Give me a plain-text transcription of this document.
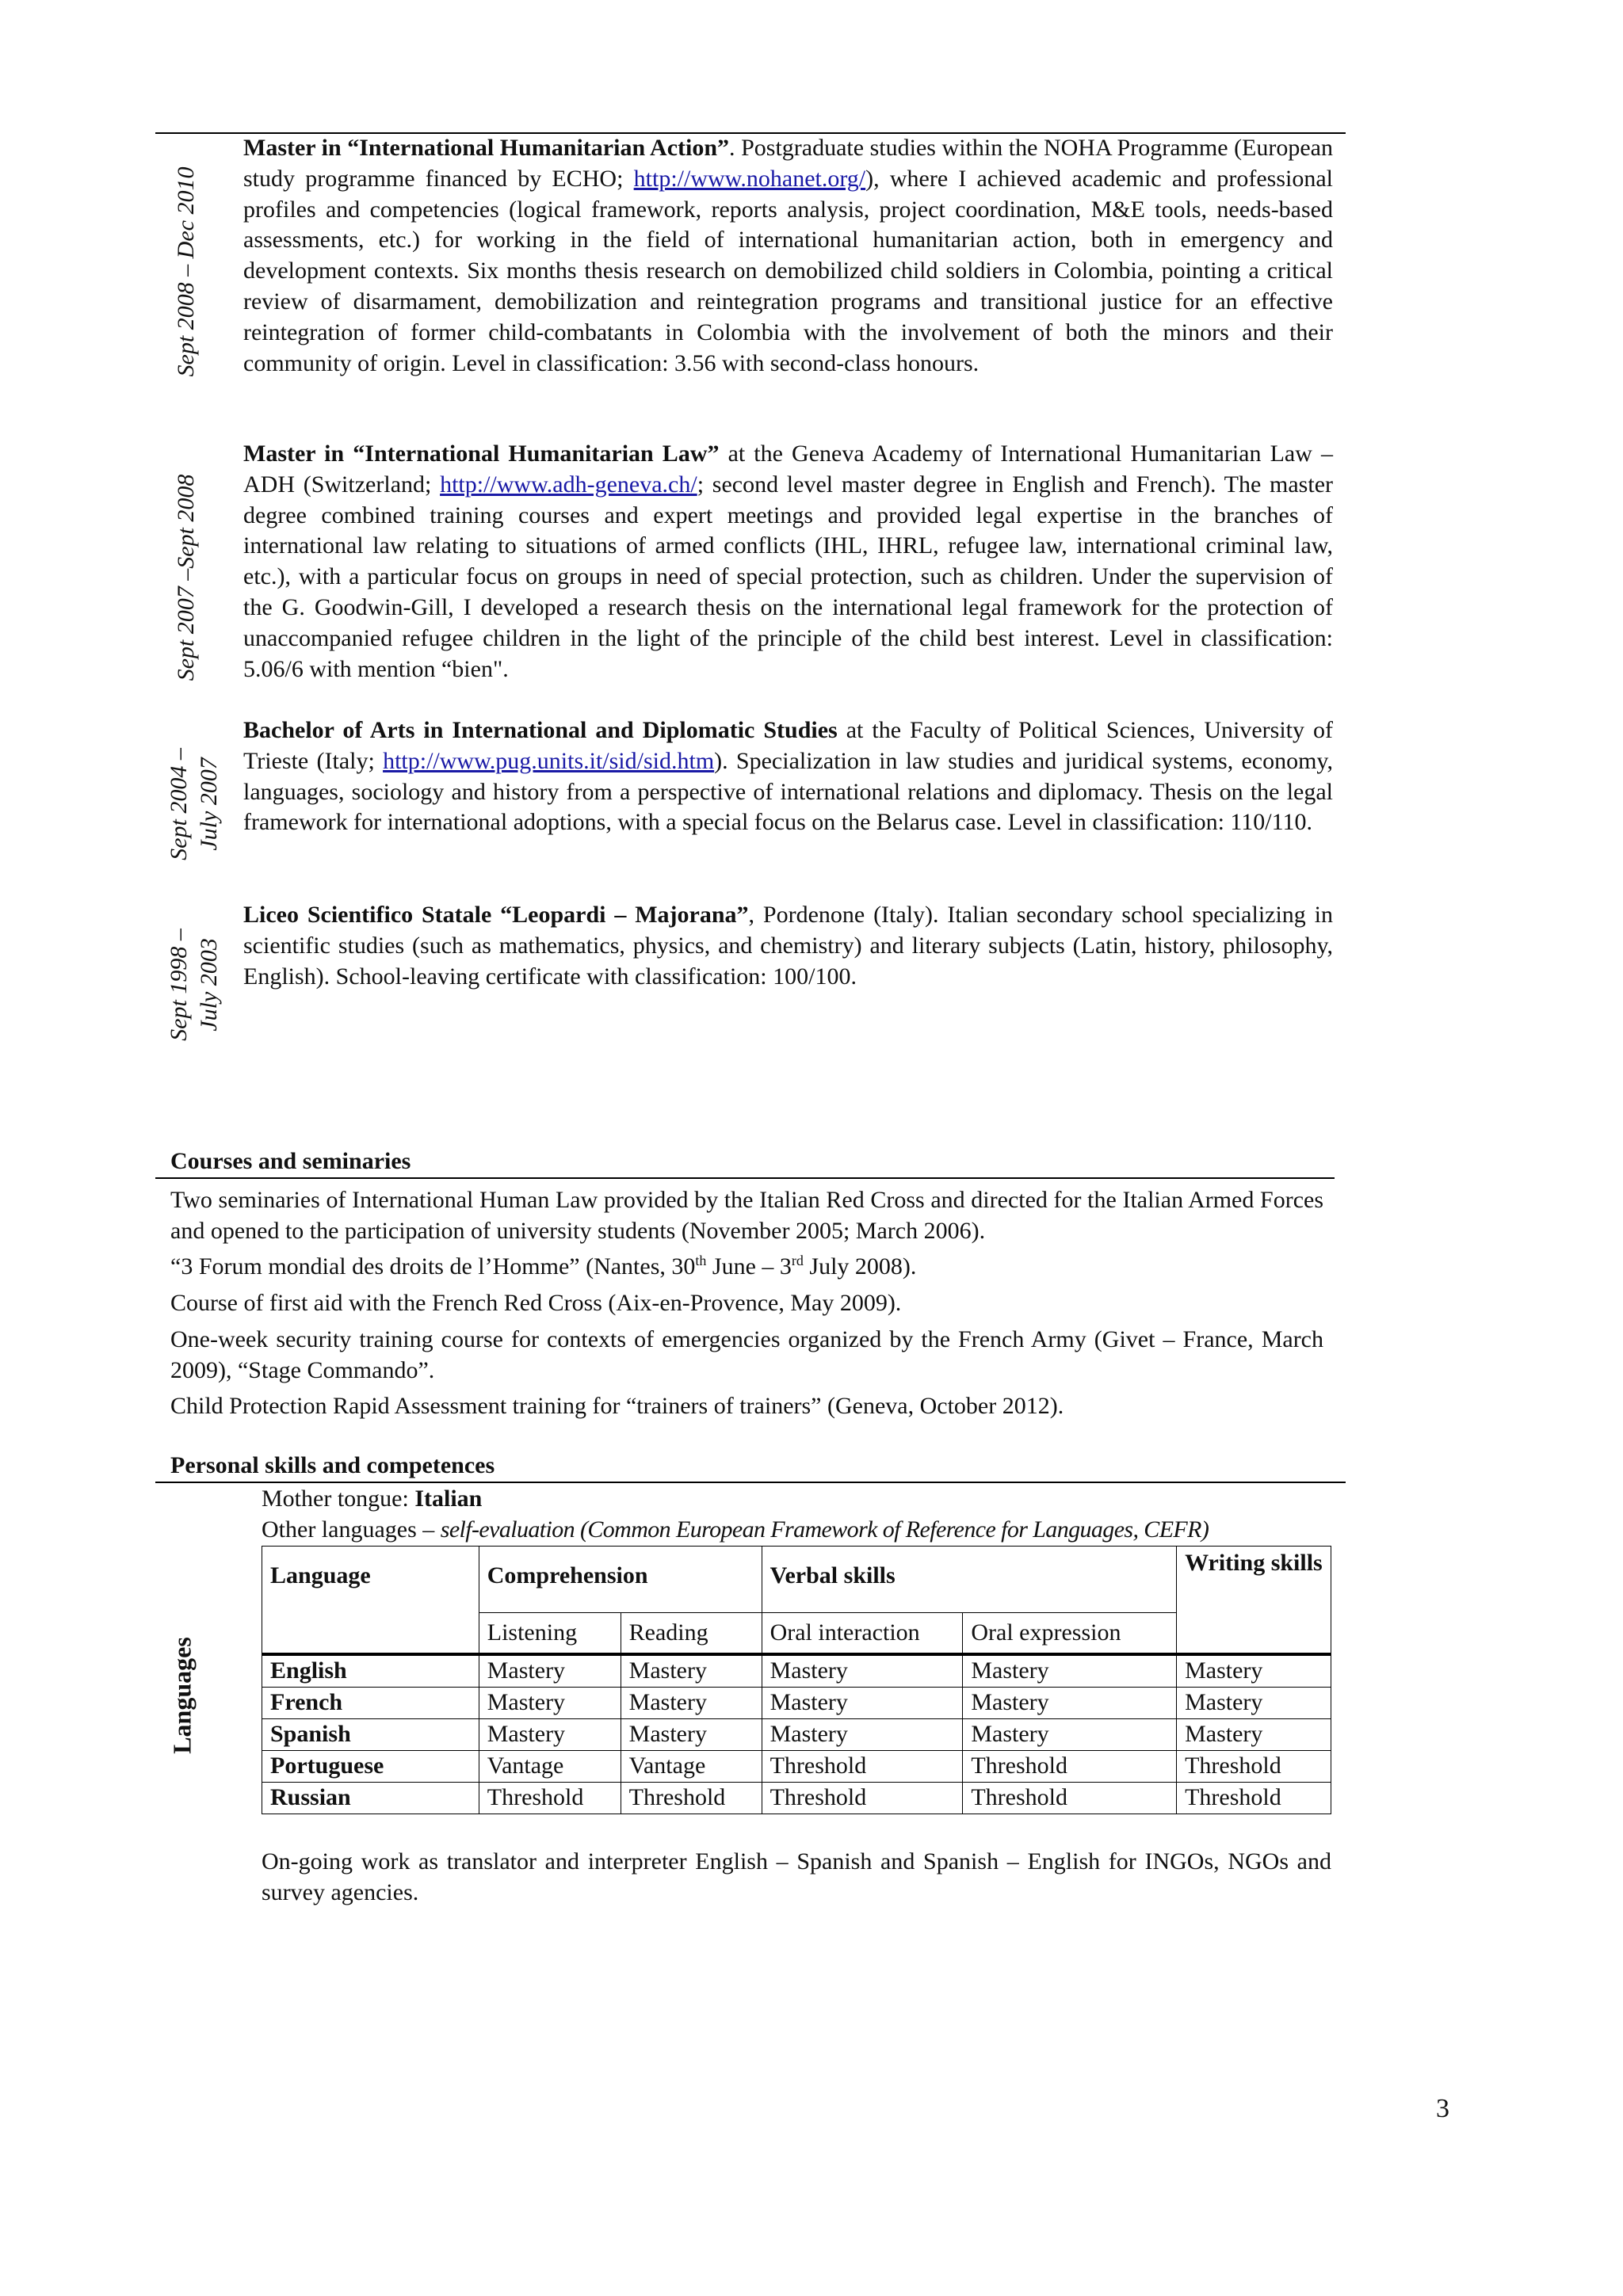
Sept 2008 – Dec 2010
Master in “International Humanitarian Action”. Postgraduate studies within the NOHA Programme (European study programme financed by ECHO; http://www.nohanet.org/), where I achieved academic and professional profiles and competencies (logical framework, reports analysis, project coordination, M&E tools, needs-based assessments, etc.) for working in the field of international humanitarian action, both in emergency and development contexts. Six months thesis research on demobilized child soldiers in Colombia, pointing a critical review of disarmament, demobilization and reintegration programs and transitional justice for an effective reintegration of former child-combatants in Colombia with the involvement of both the minors and their community of origin. Level in classification: 3.56 with second-class honours.
Sept 2007 –Sept 2008
Master in “International Humanitarian Law” at the Geneva Academy of International Humanitarian Law – ADH (Switzerland; http://www.adh-geneva.ch/; second level master degree in English and French). The master degree combined training courses and expert meetings and provided legal expertise in the branches of international law relating to situations of armed conflicts (IHL, IHRL, refugee law, international criminal law, etc.), with a particular focus on groups in need of special protection, such as children. Under the supervision of the G. Goodwin-Gill, I developed a research thesis on the international legal framework for the protection of unaccompanied refugee children in the light of the principle of the child best interest. Level in classification: 5.06/6 with mention “bien".
Sept 2004 – July 2007
Bachelor of Arts in International and Diplomatic Studies at the Faculty of Political Sciences, University of Trieste (Italy; http://www.pug.units.it/sid/sid.htm). Specialization in law studies and juridical systems, economy, languages, sociology and history from a perspective of international relations and diplomacy. Thesis on the legal framework for international adoptions, with a special focus on the Belarus case. Level in classification: 110/110.
Sept 1998 – July 2003
Liceo Scientifico Statale “Leopardi – Majorana”, Pordenone (Italy). Italian secondary school specializing in scientific studies (such as mathematics, physics, and chemistry) and literary subjects (Latin, history, philosophy, English). School-leaving certificate with classification: 100/100.
Courses and seminaries
Two seminaries of International Human Law provided by the Italian Red Cross and directed for the Italian Armed Forces and opened to the participation of university students (November 2005; March 2006).
“3 Forum mondial des droits de l’Homme” (Nantes, 30th June – 3rd July 2008).
Course of first aid with the French Red Cross (Aix-en-Provence, May 2009).
One-week security training course for contexts of emergencies organized by the French Army (Givet – France, March 2009), “Stage Commando”.
Child Protection Rapid Assessment training for “trainers of trainers” (Geneva, October 2012).
Personal skills and competences
Mother tongue: Italian
Other languages – self-evaluation (Common European Framework of Reference for Languages, CEFR)
Languages
Language	Comprehension		Verbal skills		Writing skills
	Listening	Reading	Oral interaction	Oral expression	
English	Mastery	Mastery	Mastery	Mastery	Mastery
French	Mastery	Mastery	Mastery	Mastery	Mastery
Spanish	Mastery	Mastery	Mastery	Mastery	Mastery
Portuguese	Vantage	Vantage	Threshold	Threshold	Threshold
Russian	Threshold	Threshold	Threshold	Threshold	Threshold
On-going work as translator and interpreter English – Spanish and Spanish – English for INGOs, NGOs and survey agencies.
3
